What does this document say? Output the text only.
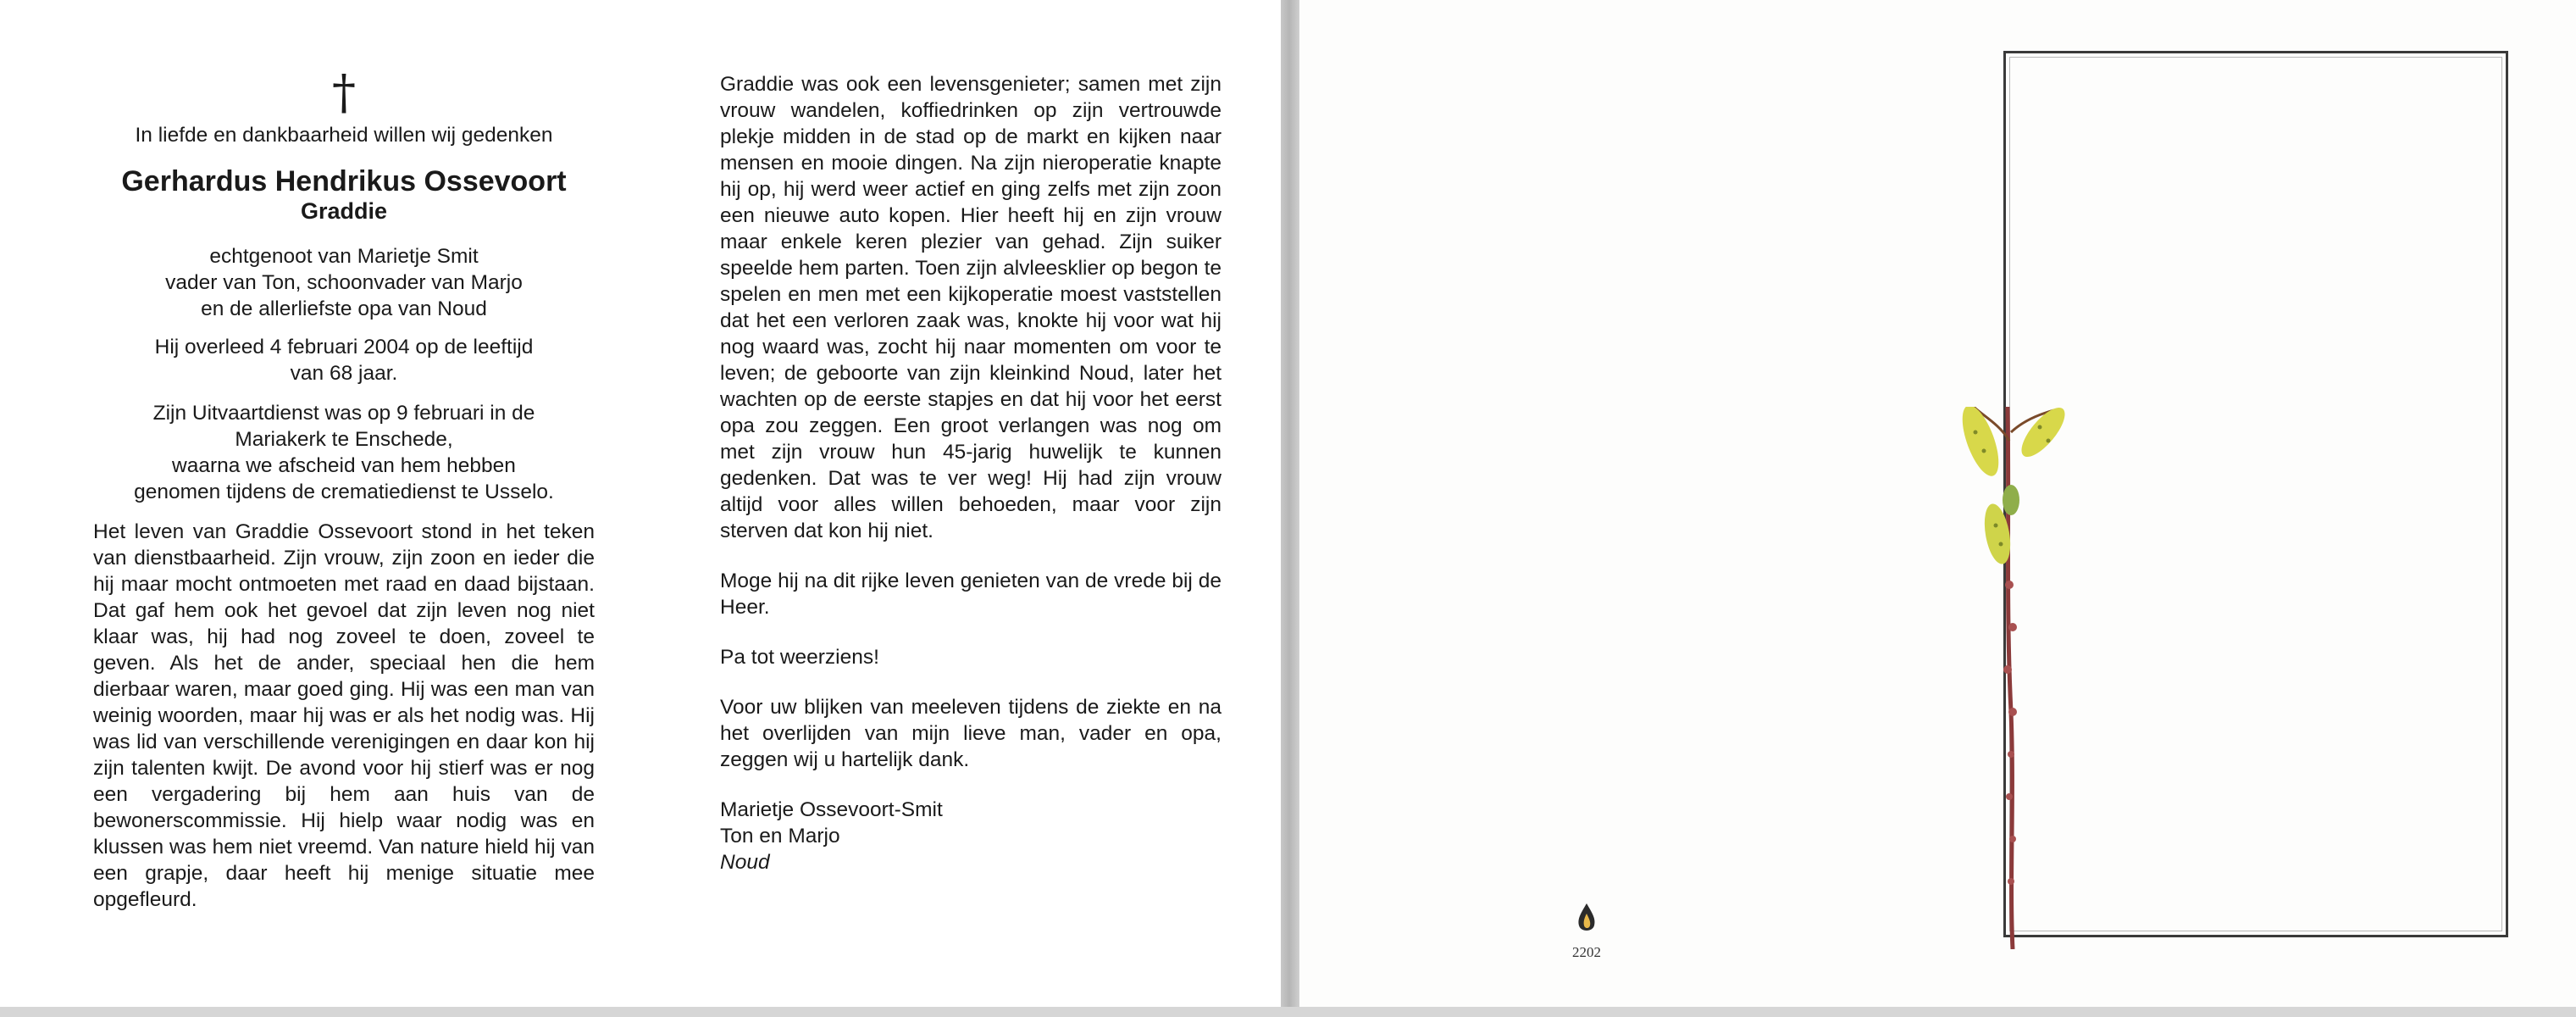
†

In liefde en dankbaarheid willen wij gedenken

Gerhardus Hendrikus Ossevoort

Graddie

echtgenoot van Marietje Smit
vader van Ton, schoonvader van Marjo
en de allerliefste opa van Noud
Hij overleed 4 februari 2004 op de leeftijd
van 68 jaar.
Zijn Uitvaartdienst was op 9 februari in de
Mariakerk te Enschede,
waarna we afscheid van hem hebben
genomen tijdens de crematiedienst te Usselo.

Het leven van Graddie Ossevoort stond in het teken van dienstbaarheid. Zijn vrouw, zijn zoon en ieder die hij maar mocht ontmoeten met raad en daad bijstaan. Dat gaf hem ook het gevoel dat zijn leven nog niet klaar was, hij had nog zoveel te doen, zoveel te geven. Als het de ander, speciaal hen die hem dierbaar waren, maar goed ging. Hij was een man van weinig woorden, maar hij was er als het nodig was. Hij was lid van verschillende verenigingen en daar kon hij zijn talenten kwijt. De avond voor hij stierf was er nog een vergadering bij hem aan huis van de bewonerscommissie. Hij hielp waar nodig was en klussen was hem niet vreemd. Van nature hield hij van een grapje, daar heeft hij menige situatie mee opgefleurd.

Graddie was ook een levensgenieter; samen met zijn vrouw wandelen, koffiedrinken op zijn vertrouwde plekje midden in de stad op de markt en kijken naar mensen en mooie dingen. Na zijn nieroperatie knapte hij op, hij werd weer actief en ging zelfs met zijn zoon een nieuwe auto kopen. Hier heeft hij en zijn vrouw maar enkele keren plezier van gehad. Zijn suiker speelde hem parten. Toen zijn alvleesklier op begon te spelen en men met een kijkoperatie moest vaststellen dat het een verloren zaak was, knokte hij voor wat hij nog waard was, zocht hij naar momenten om voor te leven; de geboorte van zijn kleinkind Noud, later het wachten op de eerste stapjes en dat hij voor het eerst opa zou zeggen. Een groot verlangen was nog om met zijn vrouw hun 45-jarig huwelijk te kunnen gedenken. Dat was te ver weg! Hij had zijn vrouw altijd voor alles willen behoeden, maar voor zijn sterven dat kon hij niet.

Moge hij na dit rijke leven genieten van de vrede bij de Heer.

Pa tot weerziens!

Voor uw blijken van meeleven tijdens de ziekte en na het overlijden van mijn lieve man, vader en opa, zeggen wij u hartelijk dank.

Marietje Ossevoort-Smit
Ton en Marjo
Noud
2202
